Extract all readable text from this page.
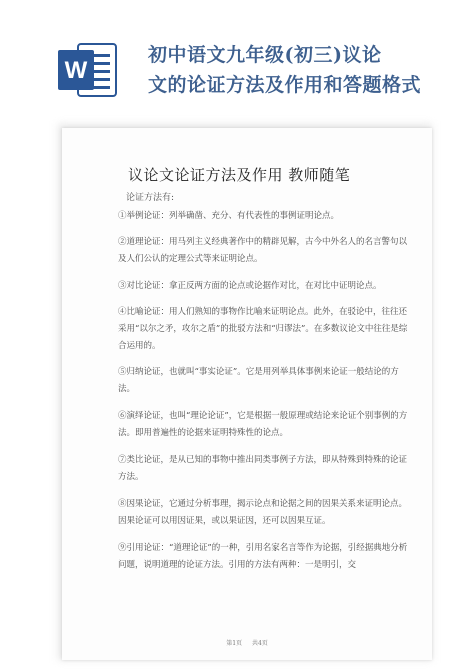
W
初中语文九年级(初三)议论
文的论证方法及作用和答题格式
议论文论证方法及作用 教师随笔
论证方法有:
①举例论证：列举确凿、充分、有代表性的事例证明论点。
②道理论证：用马列主义经典著作中的精辟见解，古今中外名人的名言警句以及人们公认的定理公式等来证明论点。
③对比论证：拿正反两方面的论点或论据作对比，在对比中证明论点。
④比喻论证：用人们熟知的事物作比喻来证明论点。此外，在驳论中，往往还采用“以尔之矛，攻尔之盾”的批驳方法和“归谬法”。在多数议论文中往往是综合运用的。
⑤归纳论证，也就叫“事实论证”。它是用列举具体事例来论证一般结论的方法。
⑥演绎论证，也叫“理论论证”，它是根据一般原理或结论来论证个别事例的方法。即用普遍性的论据来证明特殊性的论点。
⑦类比论证，是从已知的事物中推出同类事例子方法，即从特殊到特殊的论证方法。
⑧因果论证，它通过分析事理，揭示论点和论据之间的因果关系来证明论点。因果论证可以用因证果，或以果证因，还可以因果互证。
⑨引用论证：“道理论证”的一种，引用名家名言等作为论据，引经据典地分析问题，说明道理的论证方法。引用的方法有两种：一是明引，交
第1页 共4页
